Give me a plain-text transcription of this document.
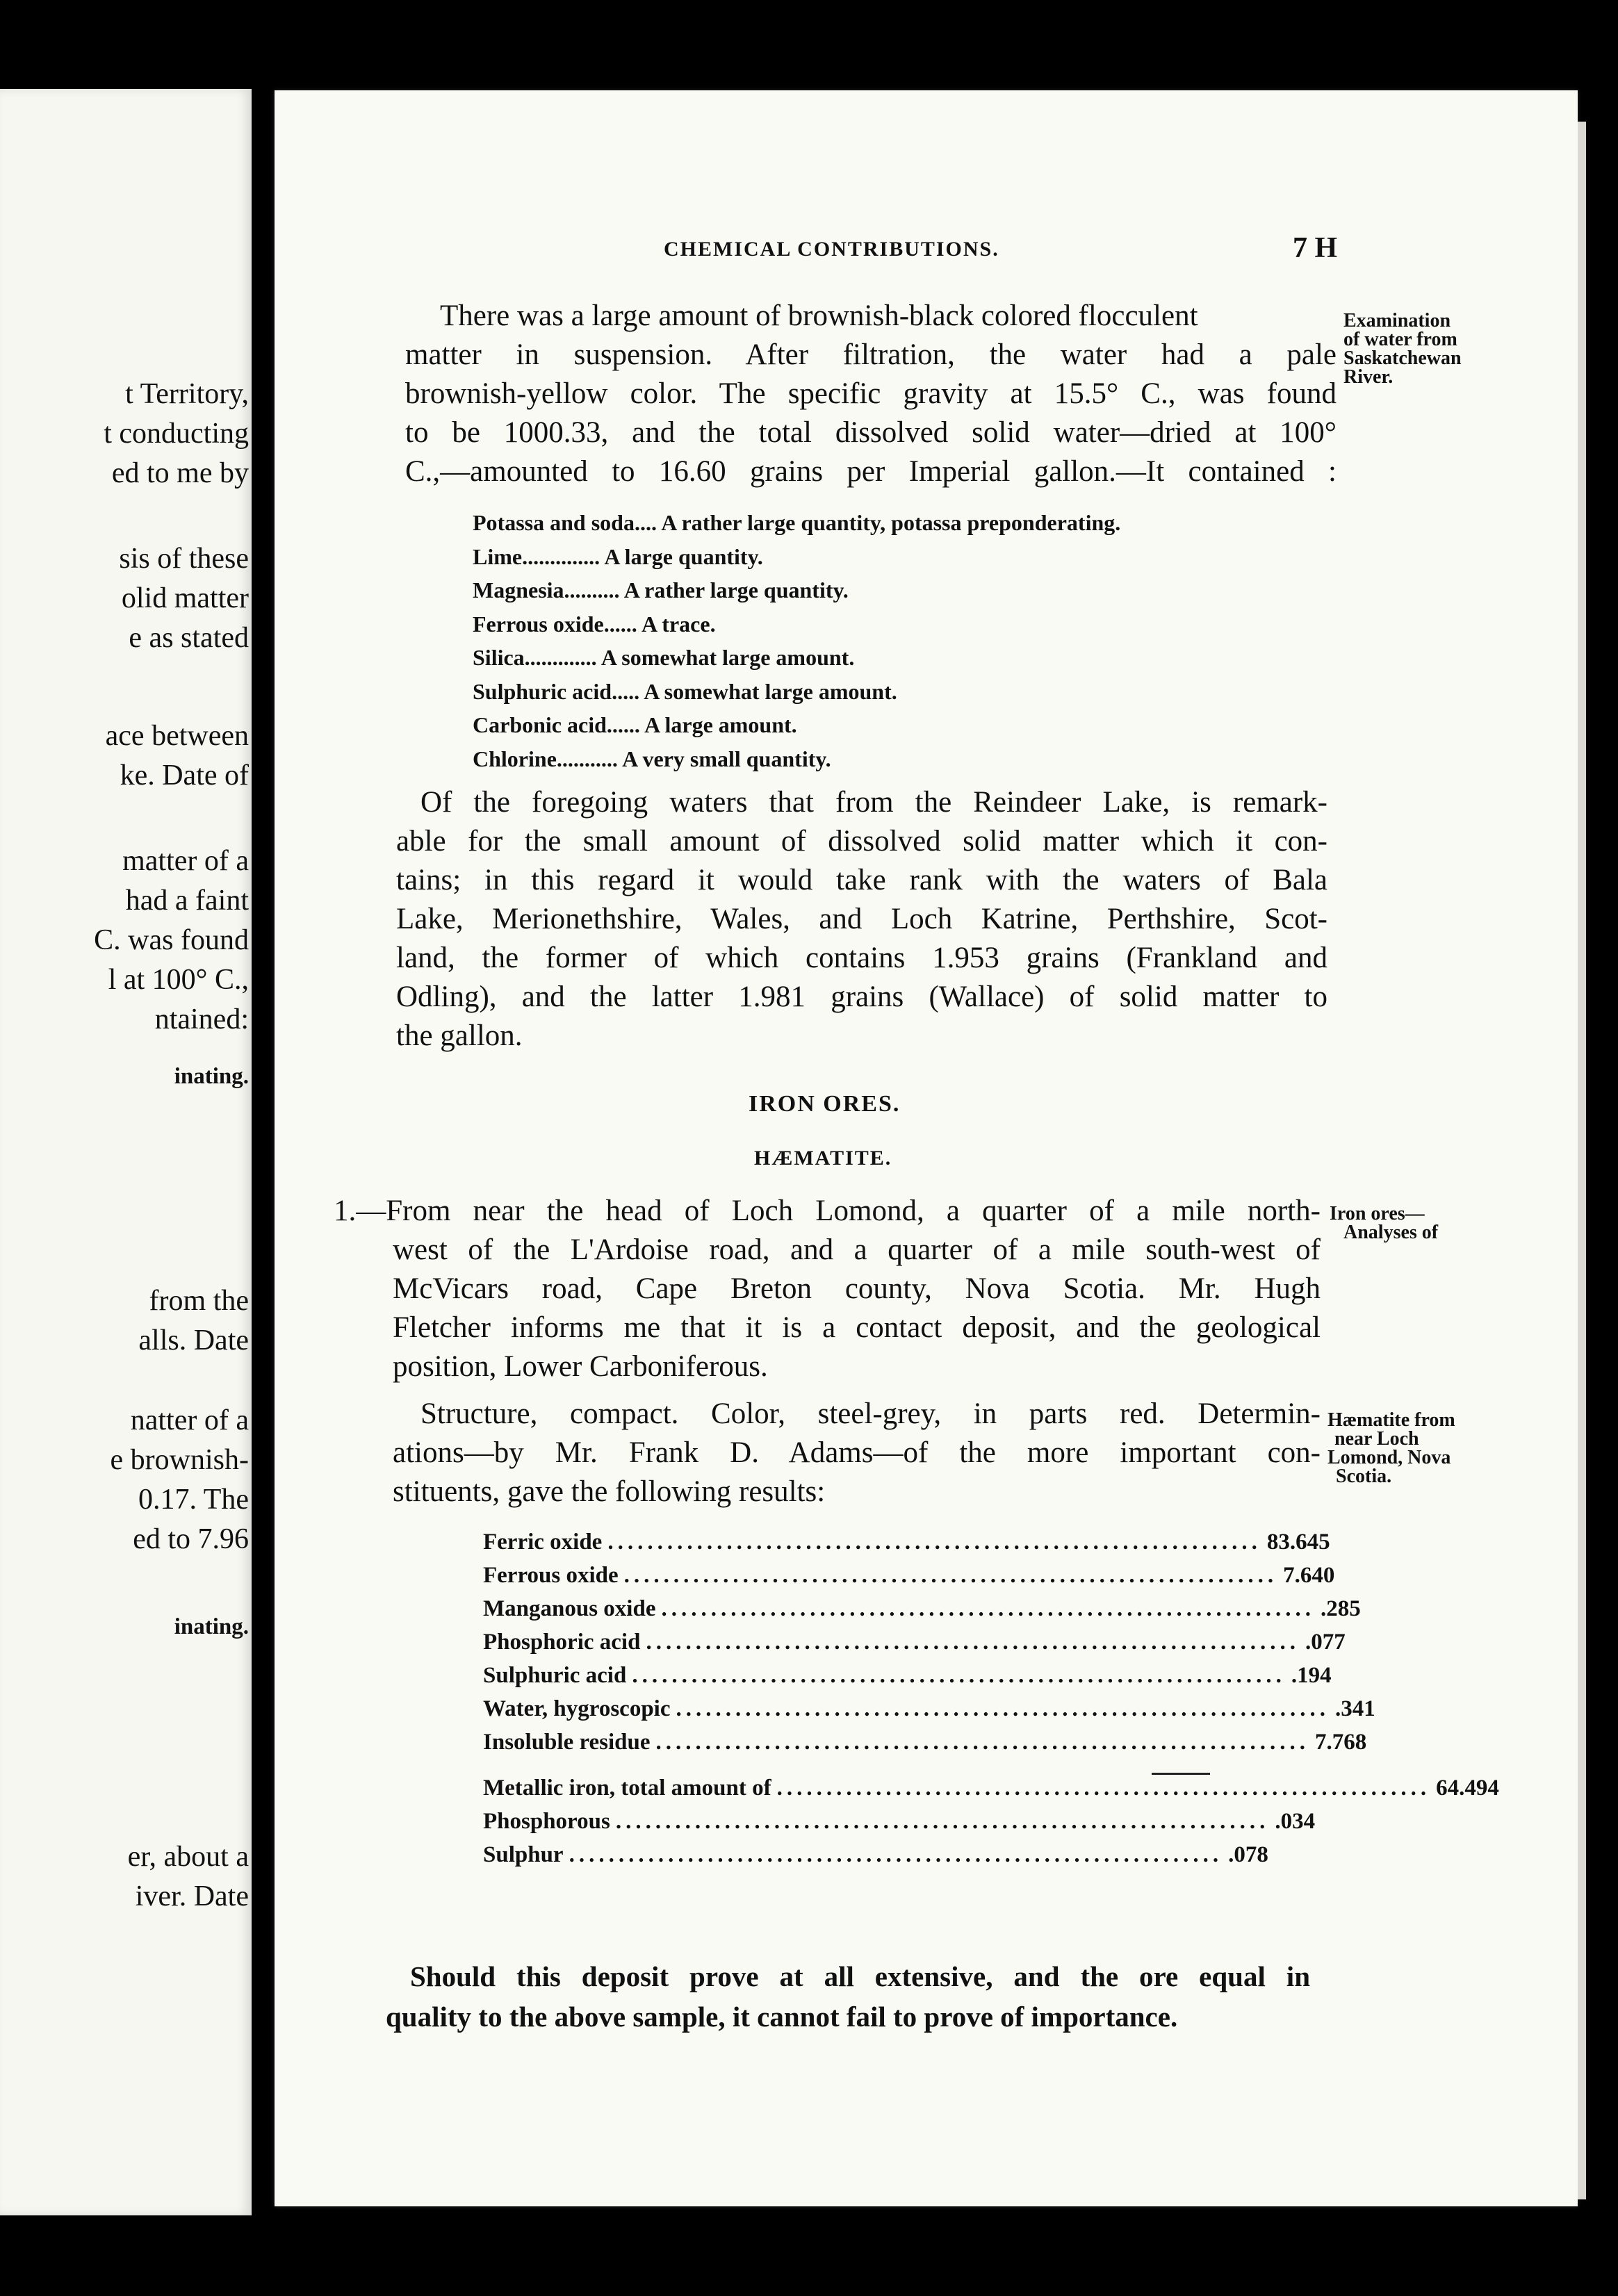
t Territory,
t conducting
ed to me by
sis of these
olid matter
e as stated
ace between
ke. Date of
matter of a
had a faint
C. was found
l at 100° C.,
ntained:
inating.
from the
alls. Date
natter of a
e brownish-
0.17. The
ed to 7.96
inating.
er, about a
iver. Date
CHEMICAL CONTRIBUTIONS.	7 H
There was a large amount of brownish-black colored flocculent
matter in suspension. After filtration, the water had a pale
brownish-yellow color. The specific gravity at 15.5° C., was found
to be 1000.33, and the total dissolved solid water—dried at 100°
C.,—amounted to 16.60 grains per Imperial gallon.—It contained :
Examination
of water from
Saskatchewan
River.
Potassa and soda.... A rather large quantity, potassa preponderating.
Lime.............. A large quantity.
Magnesia.......... A rather large quantity.
Ferrous oxide...... A trace.
Silica............. A somewhat large amount.
Sulphuric acid..... A somewhat large amount.
Carbonic acid...... A large amount.
Chlorine........... A very small quantity.
Of the foregoing waters that from the Reindeer Lake, is remark-
able for the small amount of dissolved solid matter which it con-
tains; in this regard it would take rank with the waters of Bala
Lake, Merionethshire, Wales, and Loch Katrine, Perthshire, Scot-
land, the former of which contains 1.953 grains (Frankland and
Odling), and the latter 1.981 grains (Wallace) of solid matter to
the gallon.
IRON ORES.
HÆMATITE.
1.—From near the head of Loch Lomond, a quarter of a mile north-
west of the L'Ardoise road, and a quarter of a mile south-west of
McVicars road, Cape Breton county, Nova Scotia. Mr. Hugh
Fletcher informs me that it is a contact deposit, and the geological
position, Lower Carboniferous.
Iron ores—
Analyses of
Structure, compact. Color, steel-grey, in parts red. Determin-
ations—by Mr. Frank D. Adams—of the more important con-
stituents, gave the following results:
Hæmatite from
near Loch
Lomond, Nova
Scotia.
Ferric oxide .................................................................. 83.645
Ferrous oxide .................................................................. 7.640
Manganous oxide .................................................................. .285
Phosphoric acid .................................................................. .077
Sulphuric acid .................................................................. .194
Water, hygroscopic .................................................................. .341
Insoluble residue .................................................................. 7.768
Metallic iron, total amount of .................................................................. 64.494
Phosphorous .................................................................. .034
Sulphur .................................................................. .078
Should this deposit prove at all extensive, and the ore equal in
quality to the above sample, it cannot fail to prove of importance.
